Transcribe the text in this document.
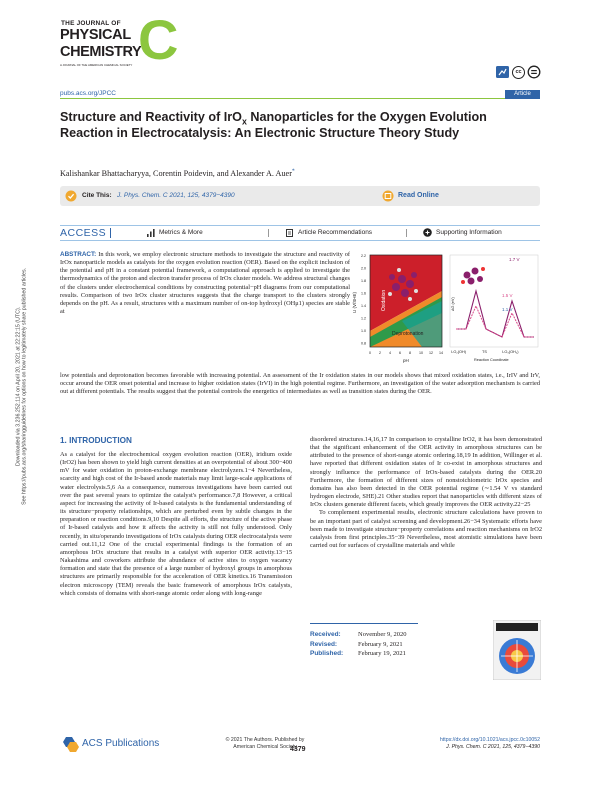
Downloaded via 3.236.252.114 on April 20, 2021 at 22:22:15 (UTC). See https://pubs.acs.org/sharingguidelines for options on how to legitimately share published articles.
THE JOURNAL OF
PHYSICAL
CHEMISTRY
A JOURNAL OF THE AMERICAN CHEMICAL SOCIETY C
pubs.acs.org/JPCC
cc
Article
Structure and Reactivity of IrO$_x$ Nanoparticles for the Oxygen Evolution Reaction in Electrocatalysis: An Electronic Structure Theory Study
Kalishankar Bhattacharyya, Corentin Poidevin, and Alexander A. Auer*
Cite This: J. Phys. Chem. C 2021, 125, 4379−4390	Read Online
ACCESS	Metrics & More	Article Recommendations	Supporting Information
ABSTRACT: In this work, we employ electronic structure methods to investigate the structure and reactivity of IrOx nanoparticle models as catalysts for the oxygen evolution reaction (OER). Based on the explicit inclusion of the potential and pH in a constant potential framework, a computational approach is applied to investigate the thermodynamics of the proton and electron transfer process of IrOx cluster models. We address structural changes of the clusters under electrochemical conditions by constructing potential−pH diagrams from our computational results. Comparison of two IrOx cluster structures suggests that the charge transport to the clusters strongly depends on the pH. As a result, structures with a maximum number of on-top hydroxyl (OHμ1) species are stable at
low potentials and deprotonation becomes favorable with increasing potential. An assessment of the Ir oxidation states in our models shows that mixed oxidation states, i.e., IrIV and IrV, occur around the OER onset potential and increase to higher oxidation states (IrVI) in the high potential regime. Furthermore, an investigation of the water adsorption mechanism is carried out at different potentials. The results suggest that the potential controls the energetics of intermediates as well as transition states during the OER.
Oxidation
Deprotonation
U (V/SHE)
pH
2.2
2.0
1.8
1.6
1.4
1.2
1.0
0.8
0 2 4 6 8 10 12 14
1.7 V
1.5 V
1.1 V
I-O₂(OH)	TS	I-O₃(OH₂)
Reaction Coordinate
ΔG (eV)
1. INTRODUCTION

As a catalyst for the electrochemical oxygen evolution reaction (OER), iridium oxide (IrO2) has been shown to yield high current densities at an overpotential of about 300−400 mV for water oxidation in proton-exchange membrane electrolyzers.1−4 Nevertheless, scarcity and high cost of the Ir-based anode materials may limit large-scale applications of water electrolysis.5,6 As a consequence, numerous investigations have been carried out over the past several years to optimize the catalyst's performance.7,8 However, a critical aspect for increasing the activity of Ir-based catalysts is the fundamental understanding of its structure−property relationships, which are perturbed even by subtle changes in the preparation or reaction conditions.9,10 Despite all efforts, the structure of the active phase of Ir-based catalysts and how it affects the activity is still not fully understood. Only recently, in situ/operando investigations of IrOx catalysts during OER electrocatalysis were carried out.11,12 One of the crucial experimental findings is the formation of an amorphous IrOx structure that results in a catalyst with superior OER activity.13−15 Nakashima and coworkers attribute the abundance of active sites to oxygen vacancy formation and state that the presence of a large number of hydroxyl groups in amorphous structures are primarily responsible for the acceleration of OER kinetics.16 Transmission electron microscopy (TEM) reveals the basic framework of amorphous IrOx catalysts, which consists of domains with short-range atomic order along with long-range

disordered structures.14,16,17 In comparison to crystalline IrO2, it has been demonstrated that the significant enhancement of the OER activity in amorphous structures can be attributed to the presence of short-range atomic ordering.18,19 In addition, Willinger et al. have reported that different oxidation states of Ir co-exist in amorphous structures and strongly influence the performance of IrOx-based catalysts during the OER.20 Furthermore, the formation of different sizes of nonstoichiometric IrOx species and domains has also been detected in the OER potential regime (∼1.54 V vs standard hydrogen electrode, SHE).21 Other studies report that nanoparticles with different sizes of IrOx clusters generate different facets, which greatly improves the OER activity.22−25

To complement experimental results, electronic structure calculations have proven to be an important part of catalyst screening and development.26−34 Systematic efforts have been made to investigate structure−property correlations and reaction mechanisms on IrO2 catalysis from first principles.35−39 Nevertheless, most atomistic simulations have been carried out for surfaces of crystalline materials and while

Received:	November 9, 2020
Revised:	February 9, 2021
Published: February 19, 2021
ACS Publications	© 2021 The Authors. Published by
American Chemical Society
4379
https://dx.doi.org/10.1021/acs.jpcc.0c10052
J. Phys. Chem. C 2021, 125, 4379−4390
